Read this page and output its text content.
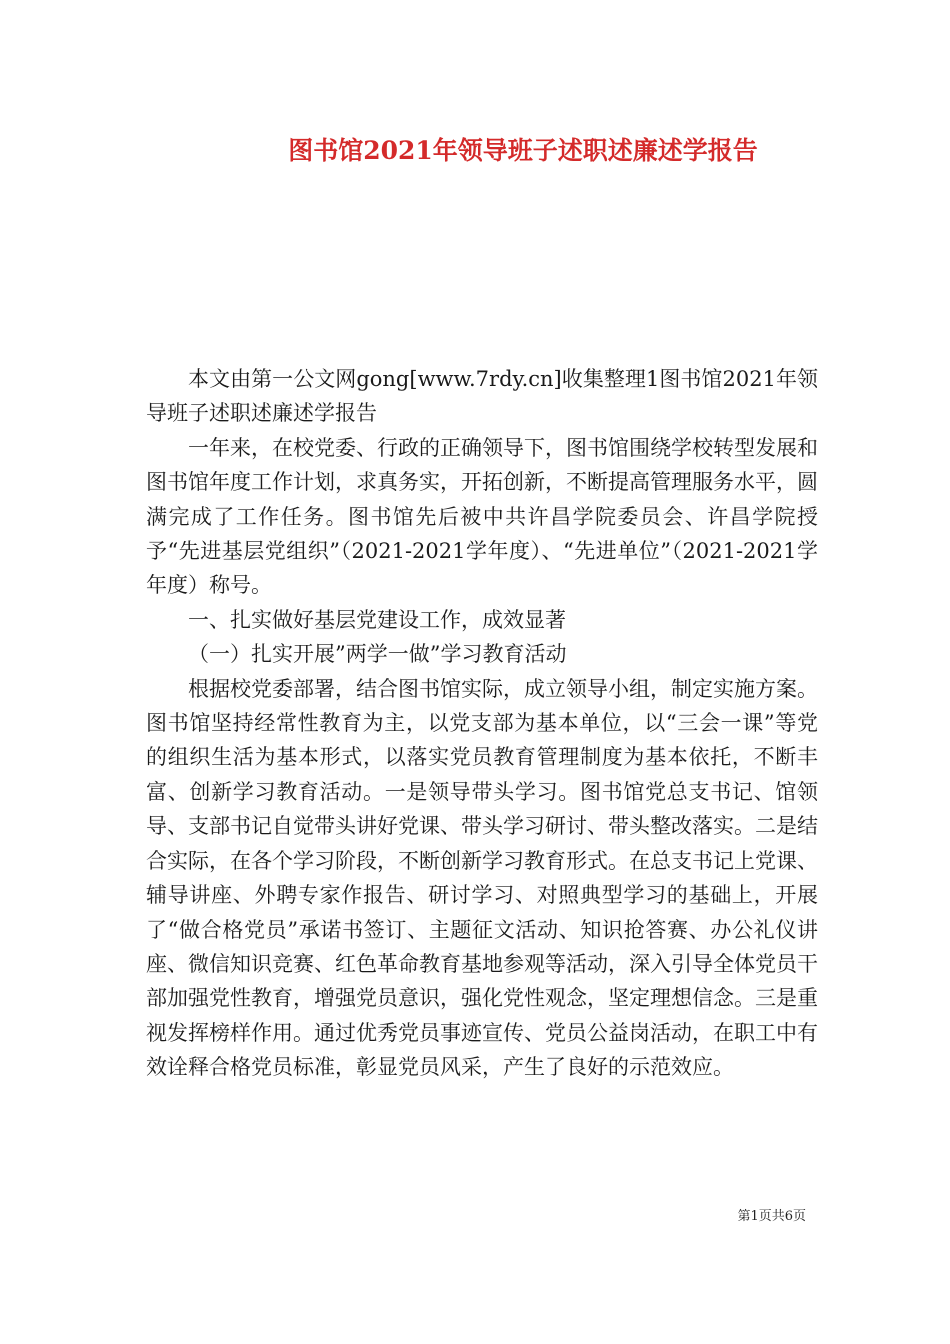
图书馆2021年领导班子述职述廉述学报告

本文由第一公文网gong[www.7rdy.cn]收集整理1图书馆2021年领导班子述职述廉述学报告

一年来，在校党委、行政的正确领导下，图书馆围绕学校转型发展和图书馆年度工作计划，求真务实，开拓创新，不断提高管理服务水平，圆满完成了工作任务。图书馆先后被中共许昌学院委员会、许昌学院授予“先进基层党组织”（2021-2021学年度）、“先进单位”（2021-2021学年度）称号。

一、扎实做好基层党建设工作，成效显著

（一）扎实开展”两学一做”学习教育活动

根据校党委部署，结合图书馆实际，成立领导小组，制定实施方案。图书馆坚持经常性教育为主，以党支部为基本单位，以“三会一课”等党的组织生活为基本形式，以落实党员教育管理制度为基本依托，不断丰富、创新学习教育活动。一是领导带头学习。图书馆党总支书记、馆领导、支部书记自觉带头讲好党课、带头学习研讨、带头整改落实。二是结合实际，在各个学习阶段，不断创新学习教育形式。在总支书记上党课、辅导讲座、外聘专家作报告、研讨学习、对照典型学习的基础上，开展了“做合格党员”承诺书签订、主题征文活动、知识抢答赛、办公礼仪讲座、微信知识竞赛、红色革命教育基地参观等活动，深入引导全体党员干部加强党性教育，增强党员意识，强化党性观念，坚定理想信念。三是重视发挥榜样作用。通过优秀党员事迹宣传、党员公益岗活动，在职工中有效诠释合格党员标准，彰显党员风采，产生了良好的示范效应。

第1页共6页
